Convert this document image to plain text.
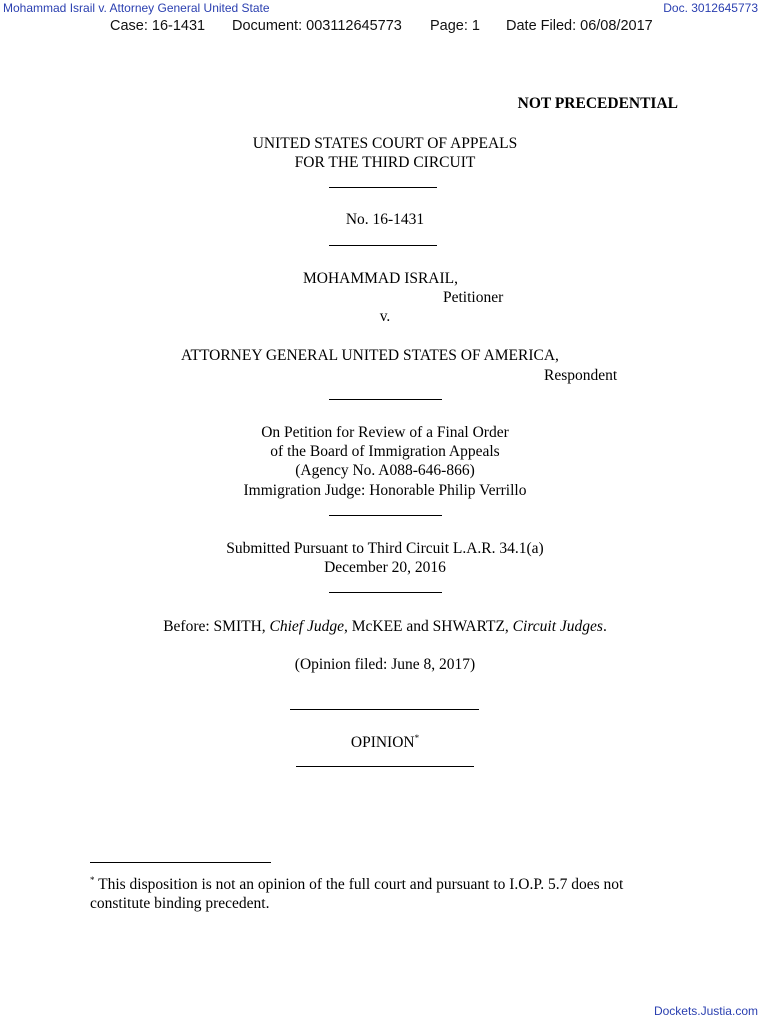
Mohammad Israil v. Attorney General United State	Doc. 3012645773
Case: 16-1431 Document: 003112645773 Page: 1 Date Filed: 06/08/2017
NOT PRECEDENTIAL
UNITED STATES COURT OF APPEALS
FOR THE THIRD CIRCUIT
No. 16-1431
MOHAMMAD ISRAIL,
Petitioner
v.
ATTORNEY GENERAL UNITED STATES OF AMERICA,
Respondent
On Petition for Review of a Final Order
of the Board of Immigration Appeals
(Agency No. A088-646-866)
Immigration Judge: Honorable Philip Verrillo
Submitted Pursuant to Third Circuit L.A.R. 34.1(a)
December 20, 2016
Before: SMITH, Chief Judge, McKEE and SHWARTZ, Circuit Judges.
(Opinion filed: June 8, 2017)
OPINION*
* This disposition is not an opinion of the full court and pursuant to I.O.P. 5.7 does not
constitute binding precedent.
Dockets.Justia.com
